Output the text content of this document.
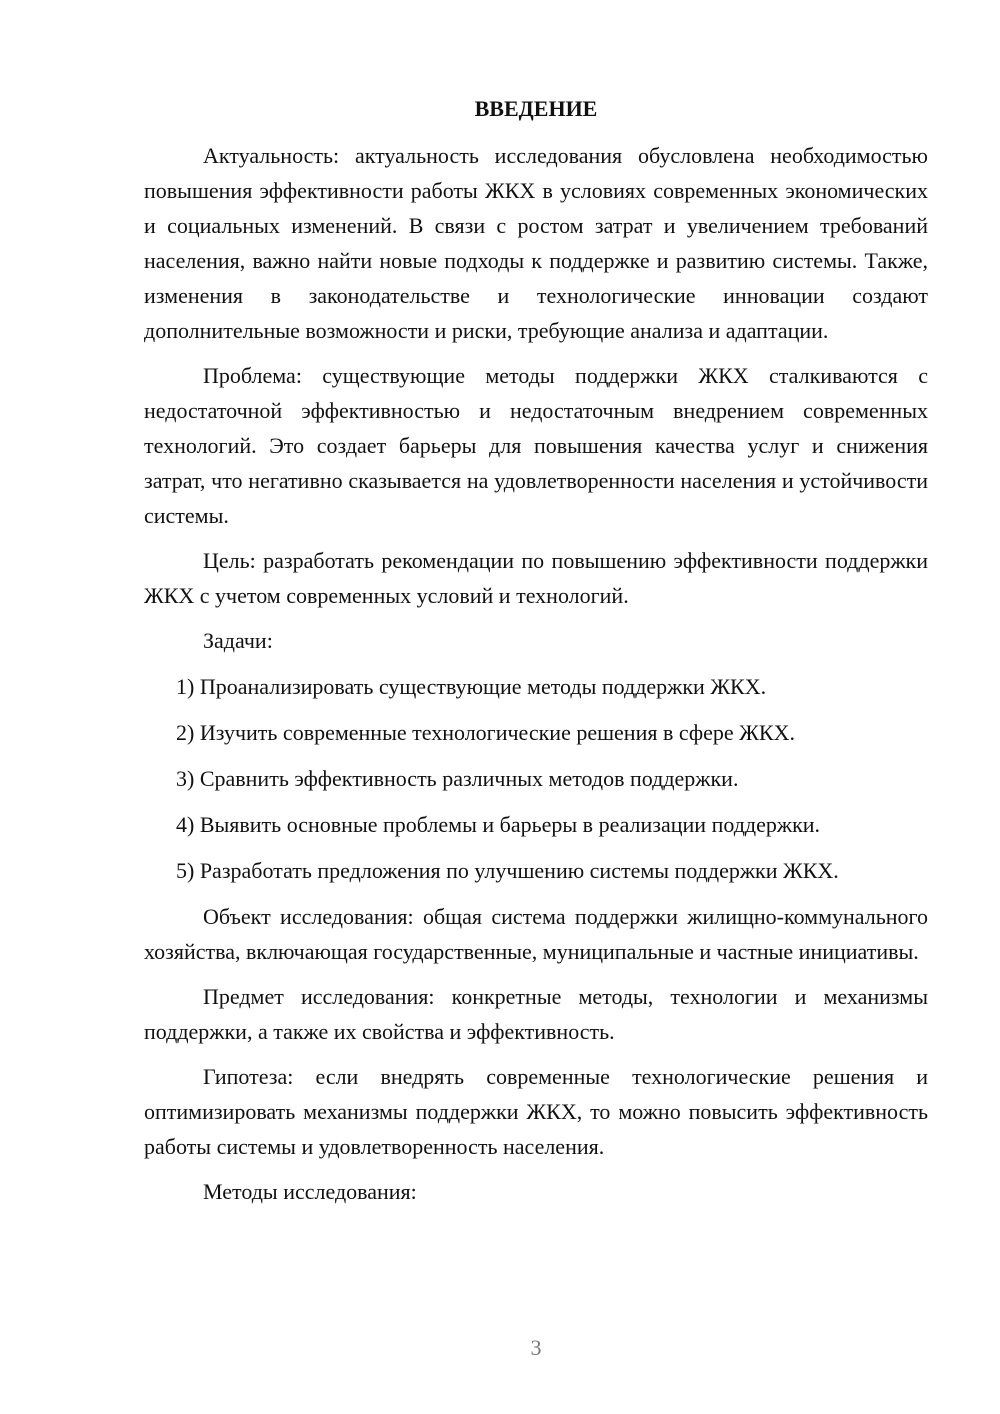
ВВЕДЕНИЕ

Актуальность: актуальность исследования обусловлена необходимостью повышения эффективности работы ЖКХ в условиях современных экономических и социальных изменений. В связи с ростом затрат и увеличением требований населения, важно найти новые подходы к поддержке и развитию системы. Также, изменения в законодательстве и технологические инновации создают дополнительные возможности и риски, требующие анализа и адаптации.

Проблема: существующие методы поддержки ЖКХ сталкиваются с недостаточной эффективностью и недостаточным внедрением современных технологий. Это создает барьеры для повышения качества услуг и снижения затрат, что негативно сказывается на удовлетворенности населения и устойчивости системы.

Цель: разработать рекомендации по повышению эффективности поддержки ЖКХ с учетом современных условий и технологий.

Задачи:
1) Проанализировать существующие методы поддержки ЖКХ.
2) Изучить современные технологические решения в сфере ЖКХ.
3) Сравнить эффективность различных методов поддержки.
4) Выявить основные проблемы и барьеры в реализации поддержки.
5) Разработать предложения по улучшению системы поддержки ЖКХ.

Объект исследования: общая система поддержки жилищно-коммунального хозяйства, включающая государственные, муниципальные и частные инициативы.

Предмет исследования: конкретные методы, технологии и механизмы поддержки, а также их свойства и эффективность.

Гипотеза: если внедрять современные технологические решения и оптимизировать механизмы поддержки ЖКХ, то можно повысить эффективность работы системы и удовлетворенность населения.

Методы исследования:
3
